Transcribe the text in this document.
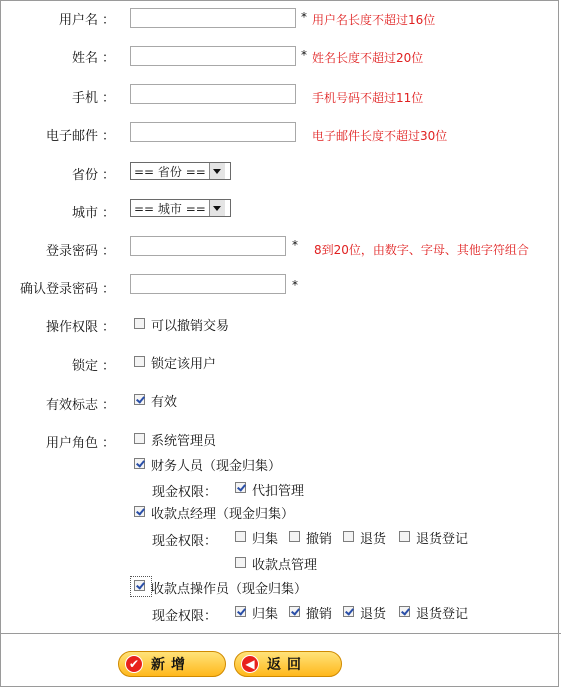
用户名 ：	* 用户名长度不超过16位
姓名 ：	* 姓名长度不超过20位
手机 ：	手机号码不超过11位
电子邮件 ：	电子邮件长度不超过30位
省份 ： == 省份 ==
城市 ： == 城市 ==
登录密码 ：	* 8到20位，由数字、字母、其他字符组合
确认登录密码 ：	*
操作权限 ：	可以撤销交易
锁定 ：	锁定该用户
有效标志 ：	有效
用户角色 ：	系统管理员
财务人员（现金归集）
现金权限：	代扣管理
收款点经理（现金归集）
现金权限：	归集 撤销 退货 退货登记
收款点管理
收款点操作员（现金归集）
现金权限：	归集 撤销 退货 退货登记
✔ 新增	◀ 返回
